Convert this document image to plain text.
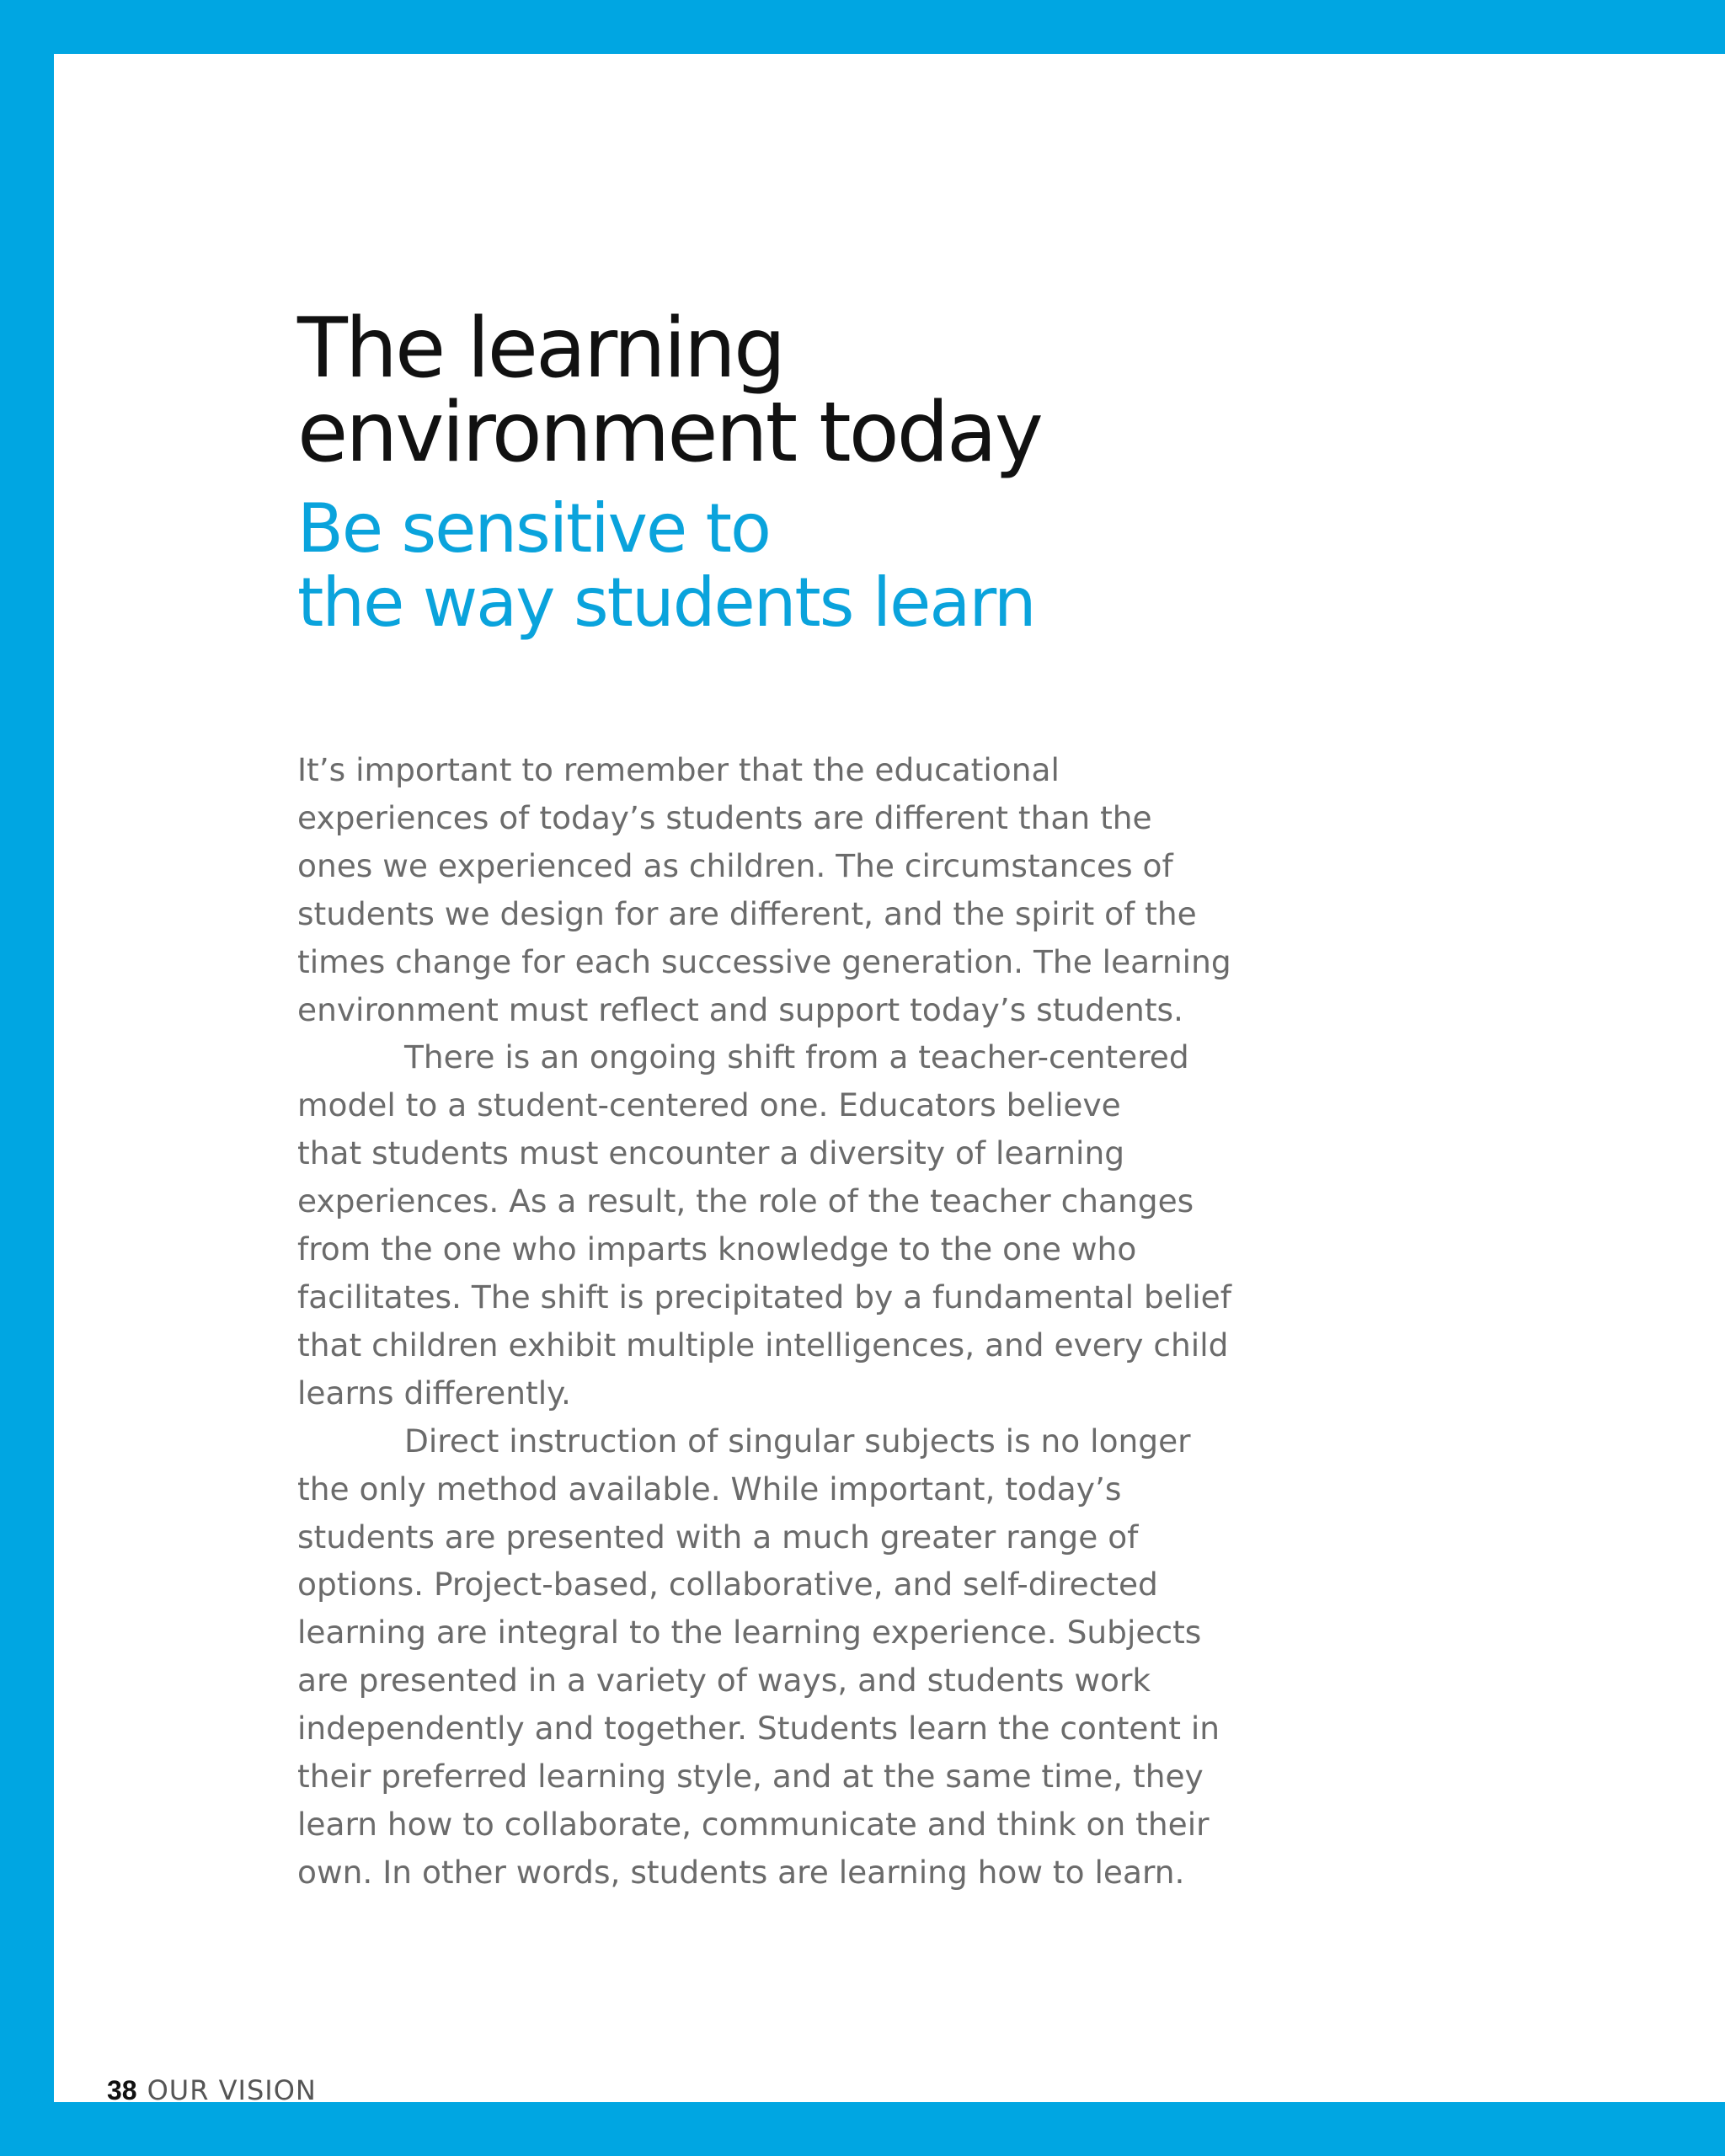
The learning
environment today
Be sensitive to
the way students learn

It’s important to remember that the educational
experiences of today’s students are different than the
ones we experienced as children. The circumstances of
students we design for are different, and the spirit of the
times change for each successive generation. The learning
environment must reflect and support today’s students.

There is an ongoing shift from a teacher-centered
model to a student-centered one. Educators believe
that students must encounter a diversity of learning
experiences. As a result, the role of the teacher changes
from the one who imparts knowledge to the one who
facilitates. The shift is precipitated by a fundamental belief
that children exhibit multiple intelligences, and every child
learns differently.

Direct instruction of singular subjects is no longer
the only method available. While important, today’s
students are presented with a much greater range of
options. Project-based, collaborative, and self-directed
learning are integral to the learning experience. Subjects
are presented in a variety of ways, and students work
independently and together. Students learn the content in
their preferred learning style, and at the same time, they
learn how to collaborate, communicate and think on their
own. In other words, students are learning how to learn.

38 OUR VISION
